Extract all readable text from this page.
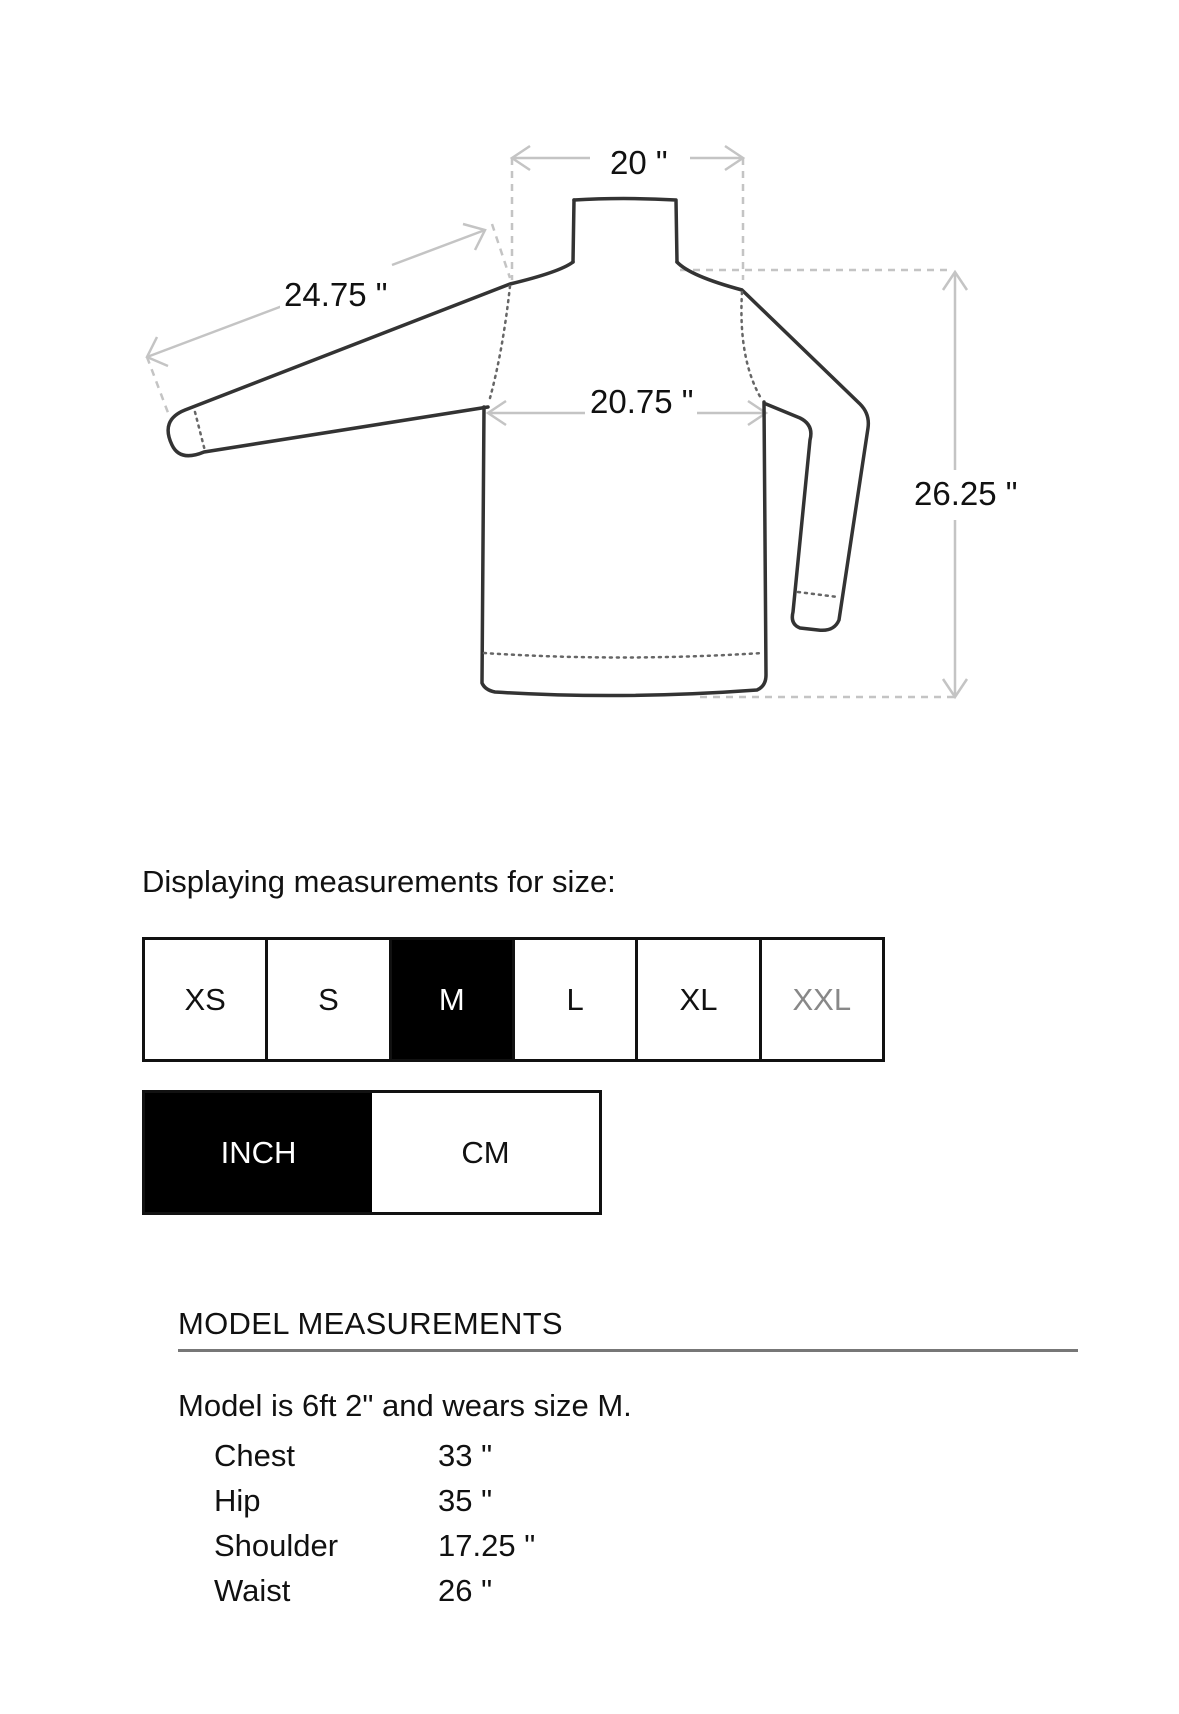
20 "
24.75 "
20.75 "
26.25 "
Displaying measurements for size:
XS	S	M	L	XL	XXL
INCH	CM
MODEL MEASUREMENTS
Model is 6ft 2" and wears size M.
Chest	33 "
Hip	35 "
Shoulder	17.25 "
Waist	26 "
